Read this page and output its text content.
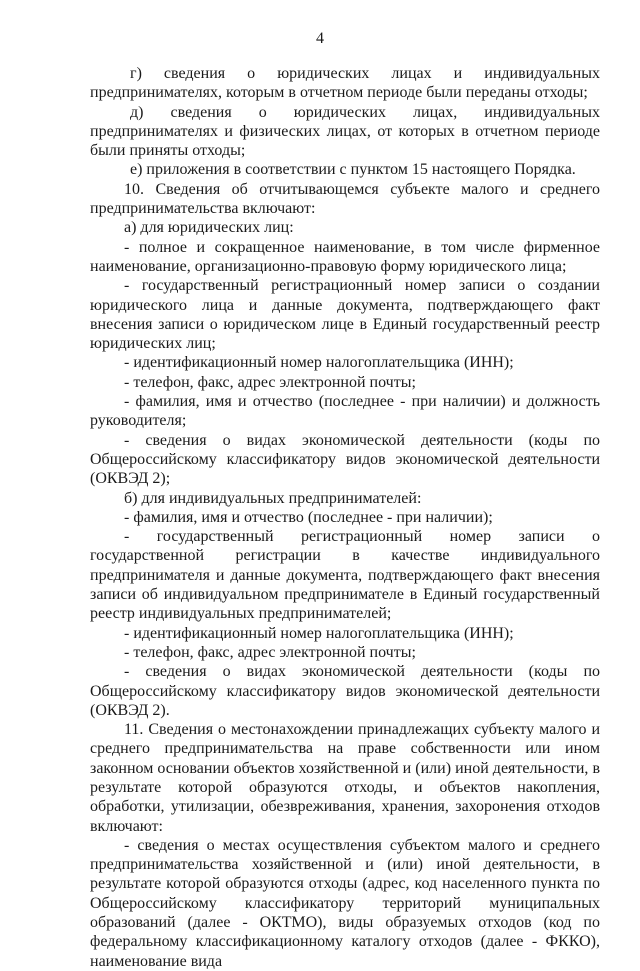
4

г) сведения о юридических лицах и индивидуальных предпринимателях, которым в отчетном периоде были переданы отходы;

д) сведения о юридических лицах, индивидуальных предпринимателях и физических лицах, от которых в отчетном периоде были приняты отходы;

е) приложения в соответствии с пунктом 15 настоящего Порядка.

10. Сведения об отчитывающемся субъекте малого и среднего предпринимательства включают:

а) для юридических лиц:

- полное и сокращенное наименование, в том числе фирменное наименование, организационно-правовую форму юридического лица;

- государственный регистрационный номер записи о создании юридического лица и данные документа, подтверждающего факт внесения записи о юридическом лице в Единый государственный реестр юридических лиц;

- идентификационный номер налогоплательщика (ИНН);

- телефон, факс, адрес электронной почты;

- фамилия, имя и отчество (последнее - при наличии) и должность руководителя;

- сведения о видах экономической деятельности (коды по Общероссийскому классификатору видов экономической деятельности (ОКВЭД 2);

б) для индивидуальных предпринимателей:

- фамилия, имя и отчество (последнее - при наличии);

- государственный регистрационный номер записи о государственной регистрации в качестве индивидуального предпринимателя и данные документа, подтверждающего факт внесения записи об индивидуальном предпринимателе в Единый государственный реестр индивидуальных предпринимателей;

- идентификационный номер налогоплательщика (ИНН);

- телефон, факс, адрес электронной почты;

- сведения о видах экономической деятельности (коды по Общероссийскому классификатору видов экономической деятельности (ОКВЭД 2).

11. Сведения о местонахождении принадлежащих субъекту малого и среднего предпринимательства на праве собственности или ином законном основании объектов хозяйственной и (или) иной деятельности, в результате которой образуются отходы, и объектов накопления, обработки, утилизации, обезвреживания, хранения, захоронения отходов включают:

- сведения о местах осуществления субъектом малого и среднего предпринимательства хозяйственной и (или) иной деятельности, в результате которой образуются отходы (адрес, код населенного пункта по Общероссийскому классификатору территорий муниципальных образований (далее - ОКТМО), виды образуемых отходов (код по федеральному классификационному каталогу отходов (далее - ФККО), наименование вида
